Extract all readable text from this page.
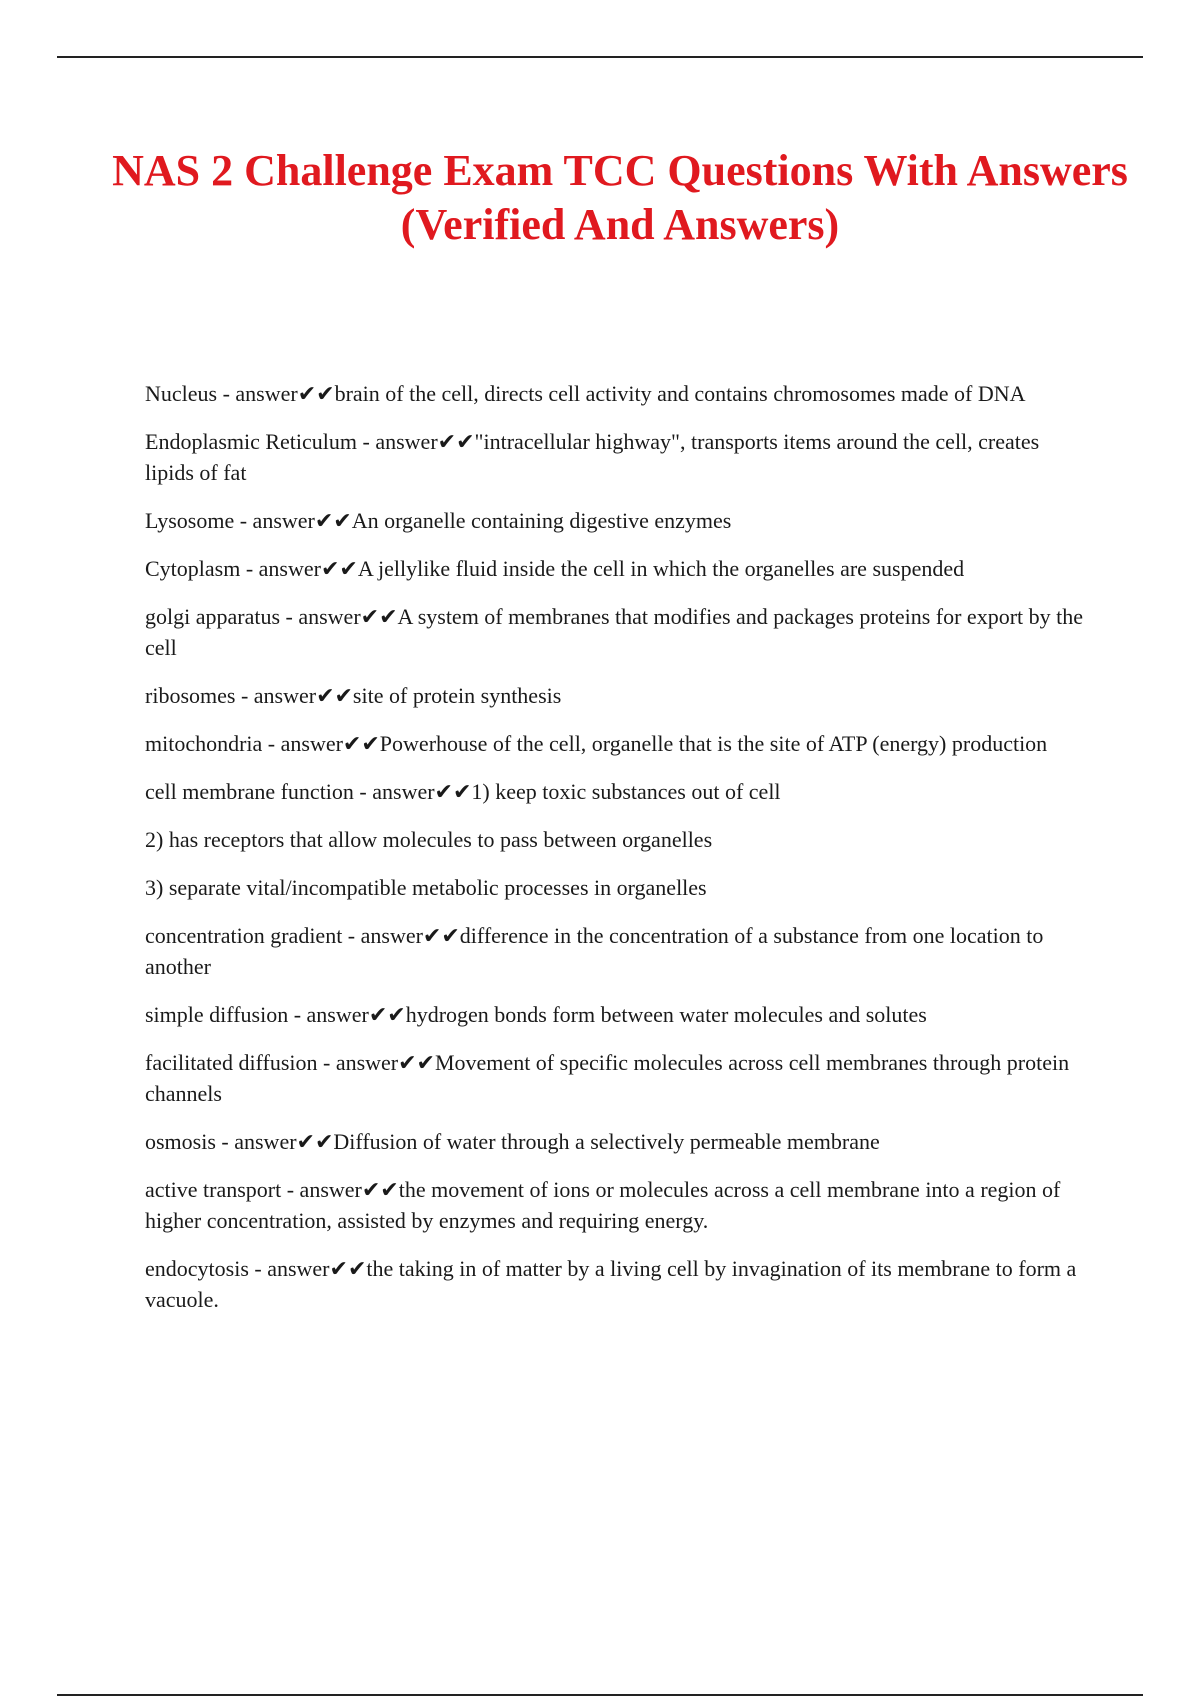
NAS 2 Challenge Exam TCC Questions With Answers (Verified And Answers)

Nucleus - answer✔✔brain of the cell, directs cell activity and contains chromosomes made of DNA

Endoplasmic Reticulum - answer✔✔"intracellular highway", transports items around the cell, creates lipids of fat

Lysosome - answer✔✔An organelle containing digestive enzymes

Cytoplasm - answer✔✔A jellylike fluid inside the cell in which the organelles are suspended

golgi apparatus - answer✔✔A system of membranes that modifies and packages proteins for export by the cell

ribosomes - answer✔✔site of protein synthesis

mitochondria - answer✔✔Powerhouse of the cell, organelle that is the site of ATP (energy) production

cell membrane function - answer✔✔1) keep toxic substances out of cell

2) has receptors that allow molecules to pass between organelles

3) separate vital/incompatible metabolic processes in organelles

concentration gradient - answer✔✔difference in the concentration of a substance from one location to another

simple diffusion - answer✔✔hydrogen bonds form between water molecules and solutes

facilitated diffusion - answer✔✔Movement of specific molecules across cell membranes through protein channels

osmosis - answer✔✔Diffusion of water through a selectively permeable membrane

active transport - answer✔✔the movement of ions or molecules across a cell membrane into a region of higher concentration, assisted by enzymes and requiring energy.

endocytosis - answer✔✔the taking in of matter by a living cell by invagination of its membrane to form a vacuole.
